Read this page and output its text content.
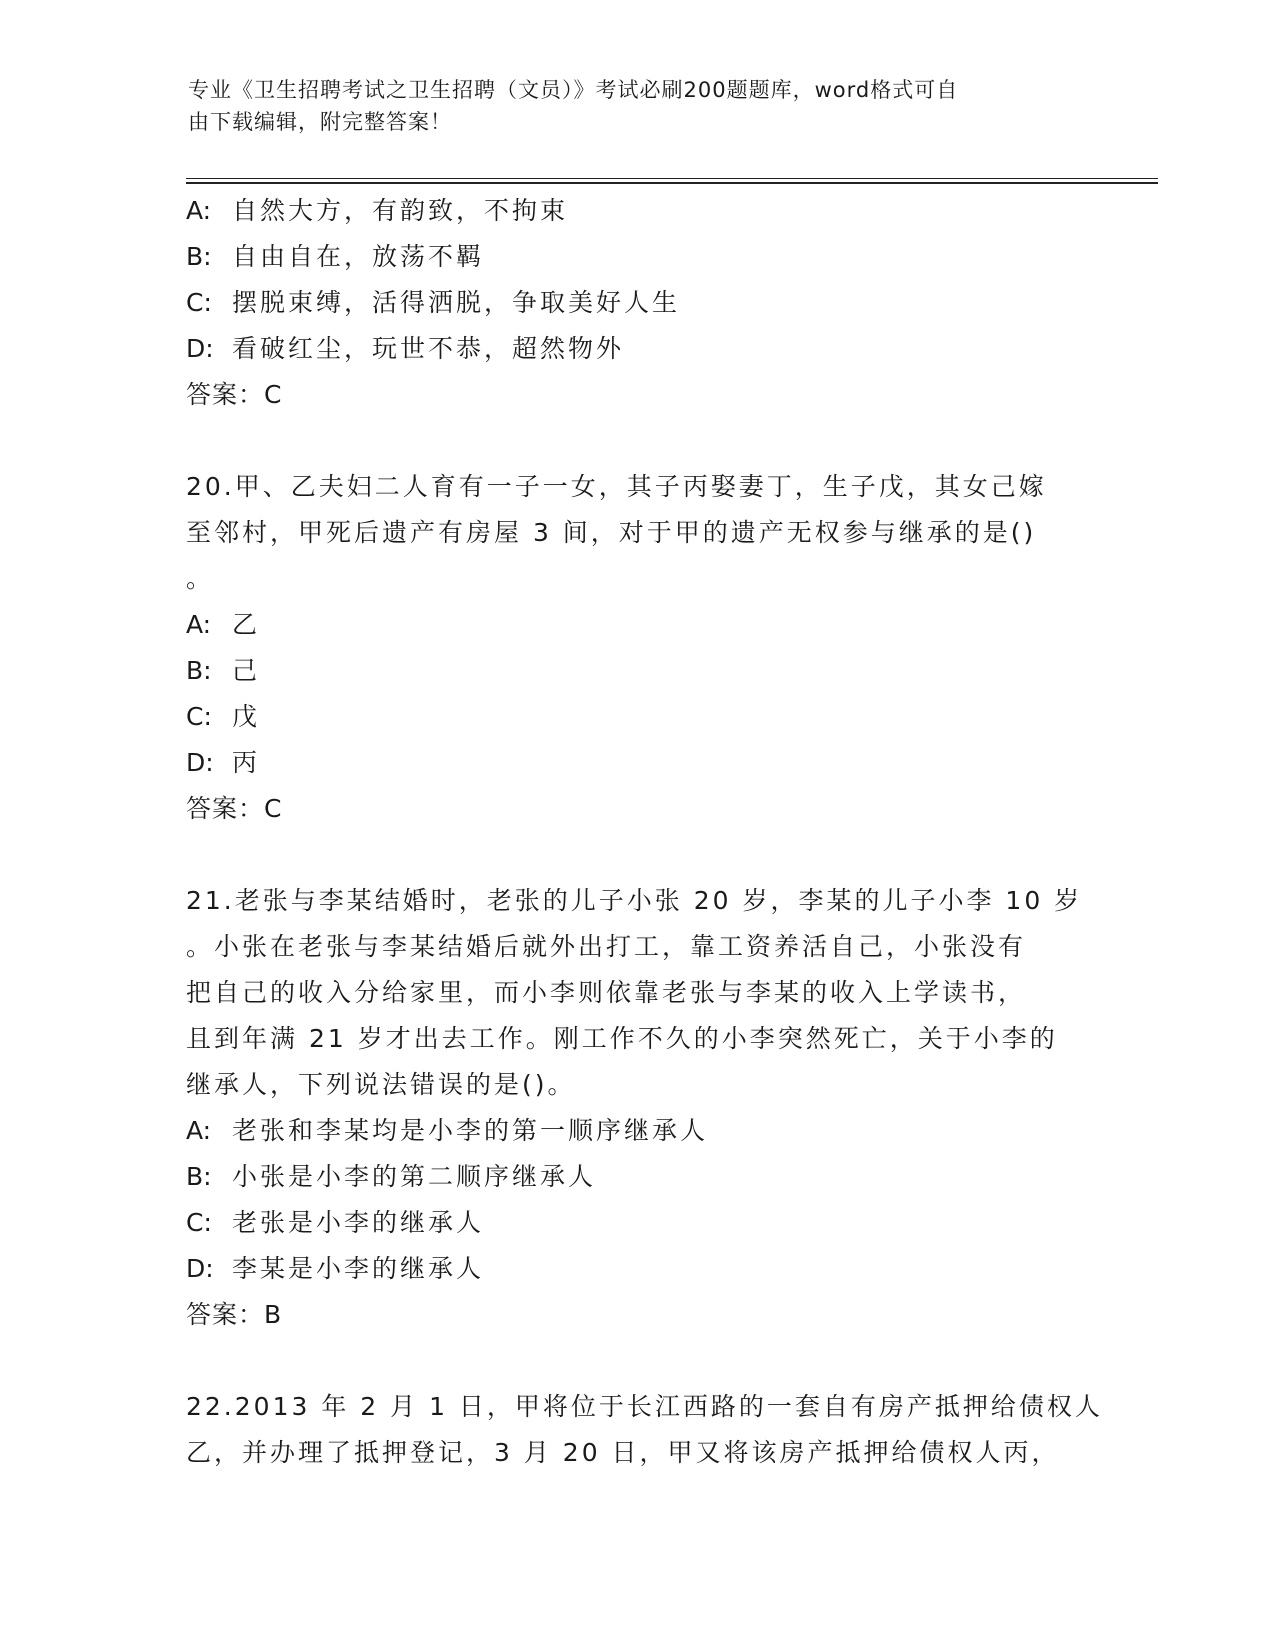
专业《卫生招聘考试之卫生招聘（文员）》考试必刷200题题库，word格式可自
由下载编辑，附完整答案！
A: 自然大方，有韵致，不拘束
B: 自由自在，放荡不羁
C: 摆脱束缚，活得洒脱，争取美好人生
D: 看破红尘，玩世不恭，超然物外
答案：C
20.甲、乙夫妇二人育有一子一女，其子丙娶妻丁，生子戊，其女己嫁
至邻村，甲死后遗产有房屋 3 间，对于甲的遗产无权参与继承的是()
。
A: 乙
B: 己
C: 戊
D: 丙
答案：C
21.老张与李某结婚时，老张的儿子小张 20 岁，李某的儿子小李 10 岁
。小张在老张与李某结婚后就外出打工，靠工资养活自己，小张没有
把自己的收入分给家里，而小李则依靠老张与李某的收入上学读书，
且到年满 21 岁才出去工作。刚工作不久的小李突然死亡，关于小李的
继承人，下列说法错误的是()。
A: 老张和李某均是小李的第一顺序继承人
B: 小张是小李的第二顺序继承人
C: 老张是小李的继承人
D: 李某是小李的继承人
答案：B
22.2013 年 2 月 1 日，甲将位于长江西路的一套自有房产抵押给债权人
乙，并办理了抵押登记，3 月 20 日，甲又将该房产抵押给债权人丙，
